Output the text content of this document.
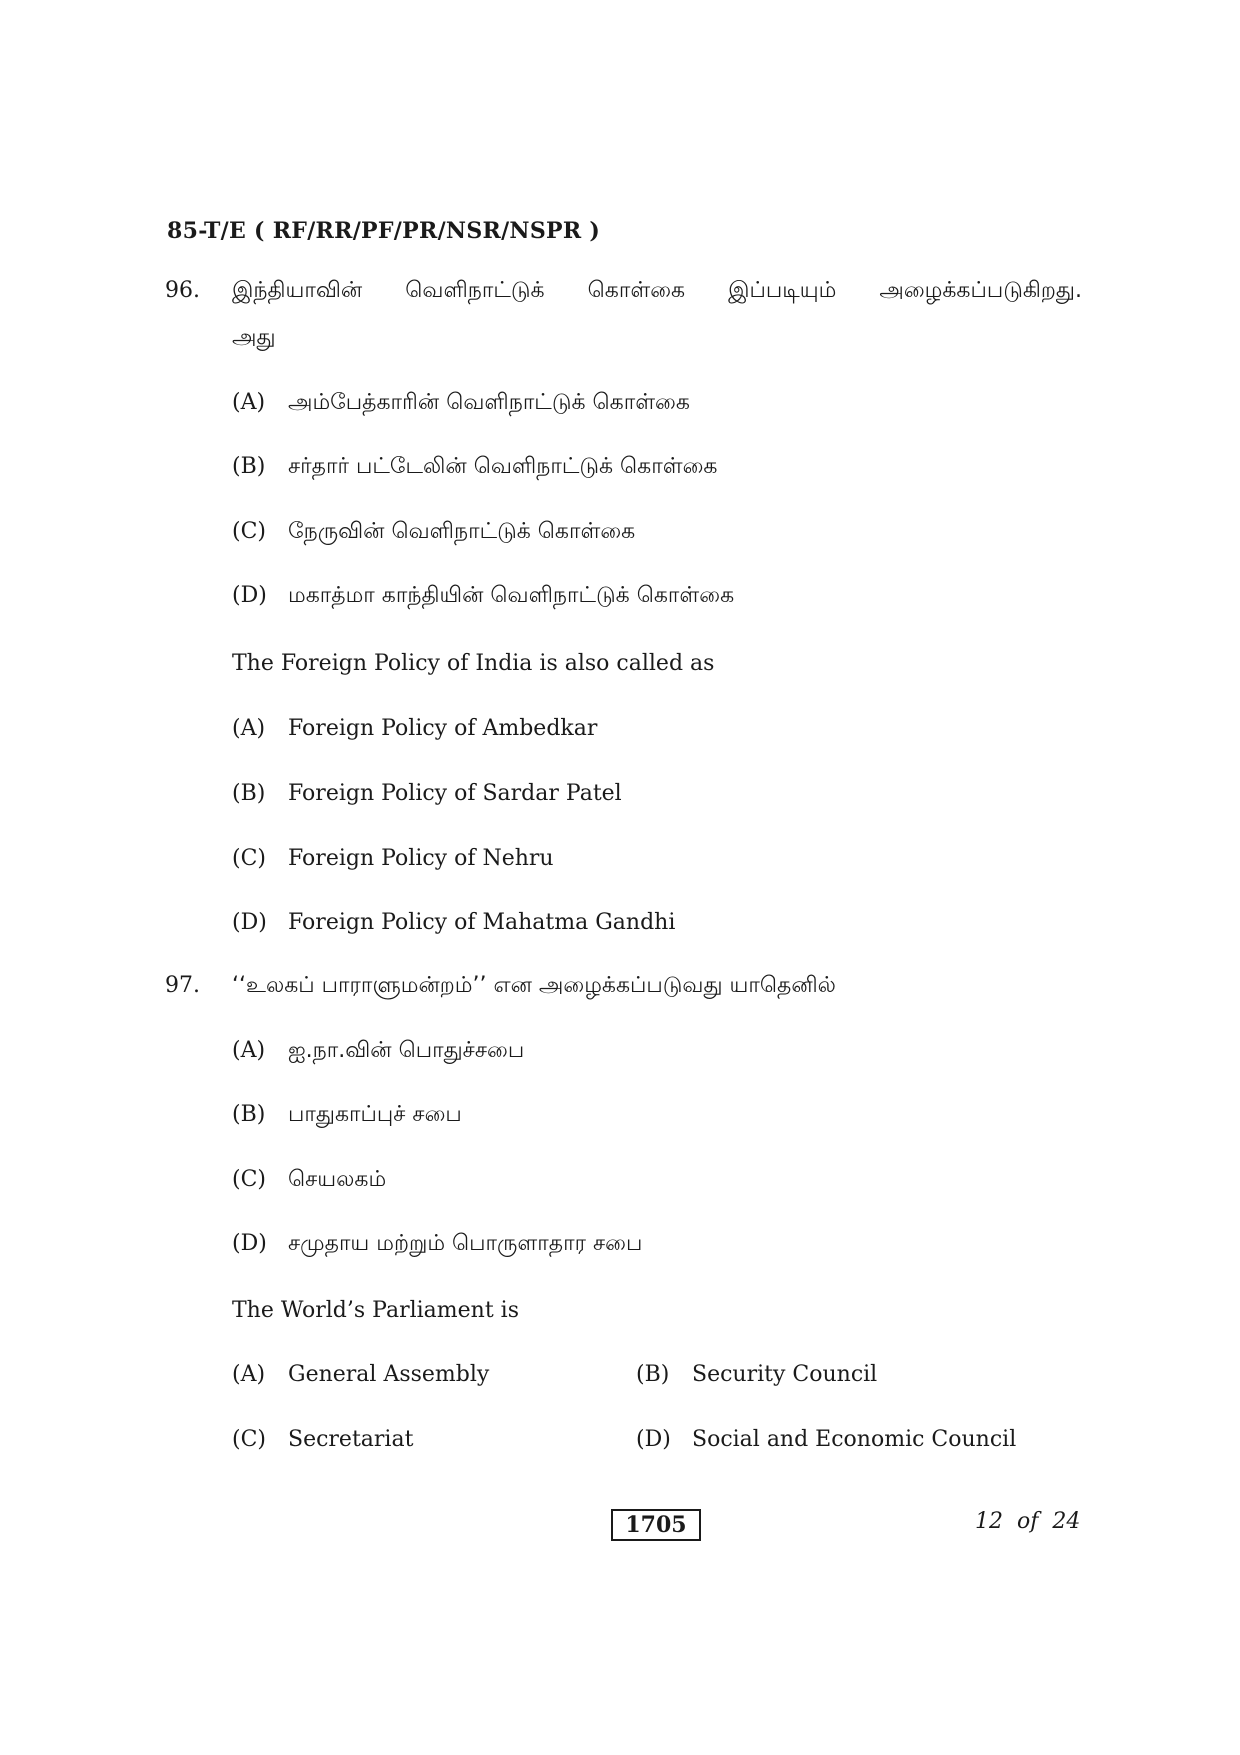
85-T/E ( RF/RR/PF/PR/NSR/NSPR )
96. இந்தியாவின் வெளிநாட்டுக் கொள்கை இப்படியும் அழைக்கப்படுகிறது.
அது
(A) அம்பேத்காரின் வெளிநாட்டுக் கொள்கை
(B) சர்தார் பட்டேலின் வெளிநாட்டுக் கொள்கை
(C) நேருவின் வெளிநாட்டுக் கொள்கை
(D) மகாத்மா காந்தியின் வெளிநாட்டுக் கொள்கை
The Foreign Policy of India is also called as
(A) Foreign Policy of Ambedkar
(B) Foreign Policy of Sardar Patel
(C) Foreign Policy of Nehru
(D) Foreign Policy of Mahatma Gandhi
97. ‘‘உலகப் பாராளுமன்றம்’’ என அழைக்கப்படுவது யாதெனில்
(A) ஐ.நா.வின் பொதுச்சபை
(B) பாதுகாப்புச் சபை
(C) செயலகம்
(D) சமுதாய மற்றும் பொருளாதார சபை
The World’s Parliament is
(A) General Assembly	(B) Security Council
(C) Secretariat	(D) Social and Economic Council
1705	12  of  24
